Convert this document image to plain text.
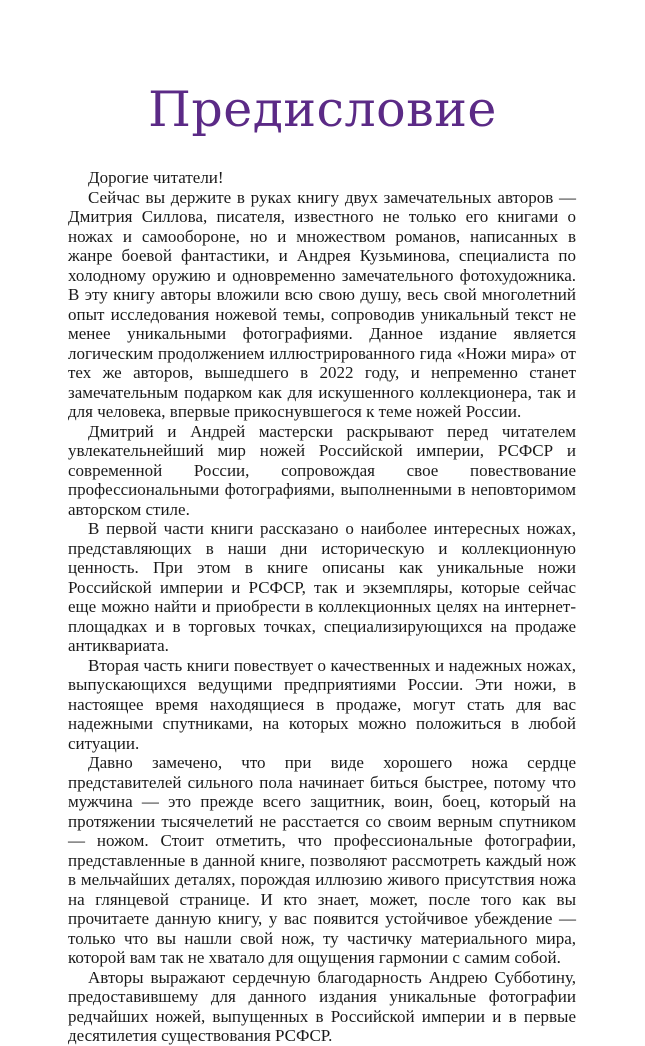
Предисловие

Дорогие читатели!

Сейчас вы держите в руках книгу двух замечательных авторов — Дмитрия Силлова, писателя, известного не только его книгами о ножах и самообороне, но и множеством романов, написанных в жанре боевой фантастики, и Андрея Кузьминова, специалиста по холодному оружию и одновременно замечательного фотохудожника. В эту книгу авторы вложили всю свою душу, весь свой многолетний опыт исследования ножевой темы, сопроводив уникальный текст не менее уникальными фотографиями. Данное издание является логическим продолжением иллюстрированного гида «Ножи мира» от тех же авторов, вышедшего в 2022 году, и непременно станет замечательным подарком как для искушенного коллекционера, так и для человека, впервые прикоснувшегося к теме ножей России.

Дмитрий и Андрей мастерски раскрывают перед читателем увлекательнейший мир ножей Российской империи, РСФСР и современной России, сопровождая свое повествование профессиональными фотографиями, выполненными в неповторимом авторском стиле.

В первой части книги рассказано о наиболее интересных ножах, представляющих в наши дни историческую и коллекционную ценность. При этом в книге описаны как уникальные ножи Российской империи и РСФСР, так и экземпляры, которые сейчас еще можно найти и приобрести в коллекционных целях на интернет-площадках и в торговых точках, специализирующихся на продаже антиквариата.

Вторая часть книги повествует о качественных и надежных ножах, выпускающихся ведущими предприятиями России. Эти ножи, в настоящее время находящиеся в продаже, могут стать для вас надежными спутниками, на которых можно положиться в любой ситуации.

Давно замечено, что при виде хорошего ножа сердце представителей сильного пола начинает биться быстрее, потому что мужчина — это прежде всего защитник, воин, боец, который на протяжении тысячелетий не расстается со своим верным спутником — ножом. Стоит отметить, что профессиональные фотографии, представленные в данной книге, позволяют рассмотреть каждый нож в мельчайших деталях, порождая иллюзию живого присутствия ножа на глянцевой странице. И кто знает, может, после того как вы прочитаете данную книгу, у вас появится устойчивое убеждение — только что вы нашли свой нож, ту частичку материального мира, которой вам так не хватало для ощущения гармонии с самим собой.

Авторы выражают сердечную благодарность Андрею Субботину, предоставившему для данного издания уникальные фотографии редчайших ножей, выпущенных в Российской империи и в первые десятилетия существования РСФСР.
